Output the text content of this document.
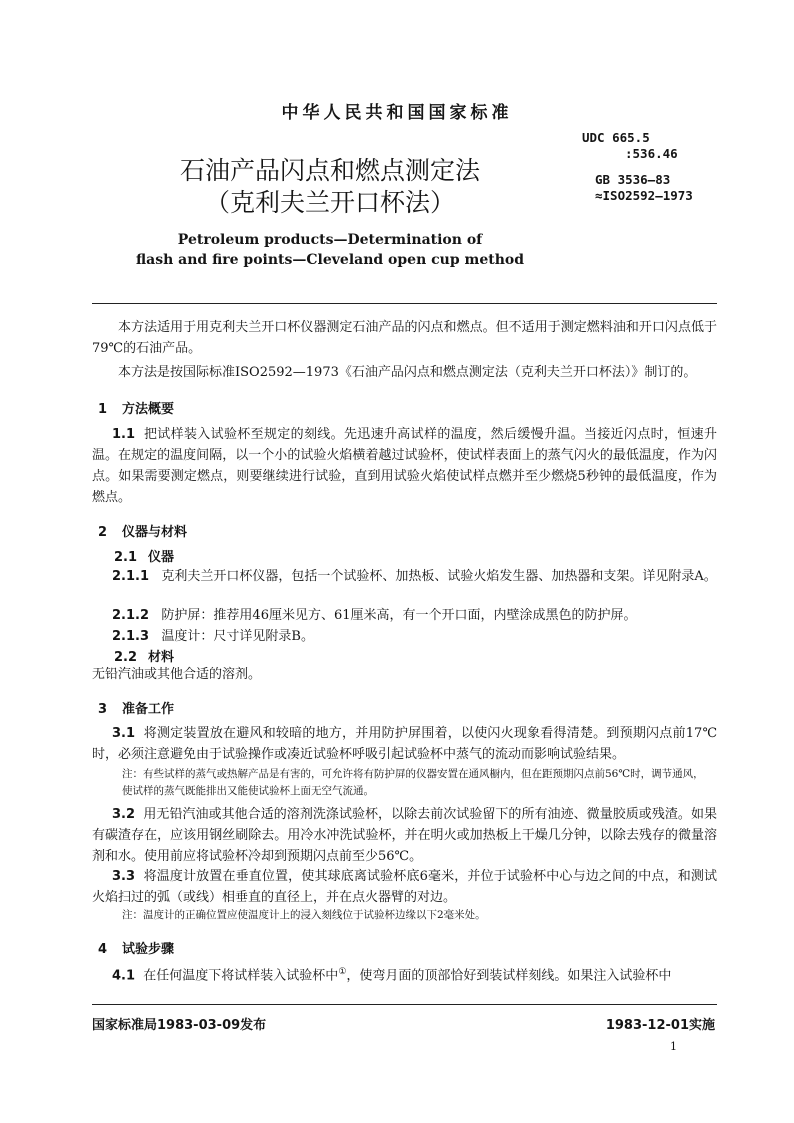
中华人民共和国国家标准
UDC 665.5
:536.46
GB 3536—83
≈ISO2592—1973
石油产品闪点和燃点测定法
（克利夫兰开口杯法）
Petroleum products—Determination of
flash and fire points—Cleveland open cup method
本方法适用于用克利夫兰开口杯仪器测定石油产品的闪点和燃点。但不适用于测定燃料油和开口闪点低于79℃的石油产品。
本方法是按国际标准ISO2592—1973《石油产品闪点和燃点测定法（克利夫兰开口杯法）》制订的。
1 方法概要
1.1 把试样装入试验杯至规定的刻线。先迅速升高试样的温度，然后缓慢升温。当接近闪点时，恒速升温。在规定的温度间隔，以一个小的试验火焰横着越过试验杯，使试样表面上的蒸气闪火的最低温度，作为闪点。如果需要测定燃点，则要继续进行试验，直到用试验火焰使试样点燃并至少燃烧5秒钟的最低温度，作为燃点。
2 仪器与材料
2.1 仪器
2.1.1 克利夫兰开口杯仪器，包括一个试验杯、加热板、试验火焰发生器、加热器和支架。详见附录A。
2.1.2 防护屏：推荐用46厘米见方、61厘米高，有一个开口面，内壁涂成黑色的防护屏。
2.1.3 温度计：尺寸详见附录B。
2.2 材料
无铅汽油或其他合适的溶剂。
3 准备工作
3.1 将测定装置放在避风和较暗的地方，并用防护屏围着，以使闪火现象看得清楚。到预期闪点前17℃时，必须注意避免由于试验操作或凑近试验杯呼吸引起试验杯中蒸气的流动而影响试验结果。
注：有些试样的蒸气或热解产品是有害的，可允许将有防护屏的仪器安置在通风橱内，但在距预期闪点前56℃时，调节通风，使试样的蒸气既能排出又能使试验杯上面无空气流通。
3.2 用无铅汽油或其他合适的溶剂洗涤试验杯，以除去前次试验留下的所有油迹、微量胶质或残渣。如果有碳渣存在，应该用钢丝刷除去。用冷水冲洗试验杯，并在明火或加热板上干燥几分钟，以除去残存的微量溶剂和水。使用前应将试验杯冷却到预期闪点前至少56℃。
3.3 将温度计放置在垂直位置，使其球底离试验杯底6毫米，并位于试验杯中心与边之间的中点，和测试火焰扫过的弧（或线）相垂直的直径上，并在点火器臂的对边。
注：温度计的正确位置应使温度计上的浸入刻线位于试验杯边缘以下2毫米处。
4 试验步骤
4.1 在任何温度下将试样装入试验杯中①，使弯月面的顶部恰好到装试样刻线。如果注入试验杯中
国家标准局1983-03-09发布	1983-12-01实施
1
